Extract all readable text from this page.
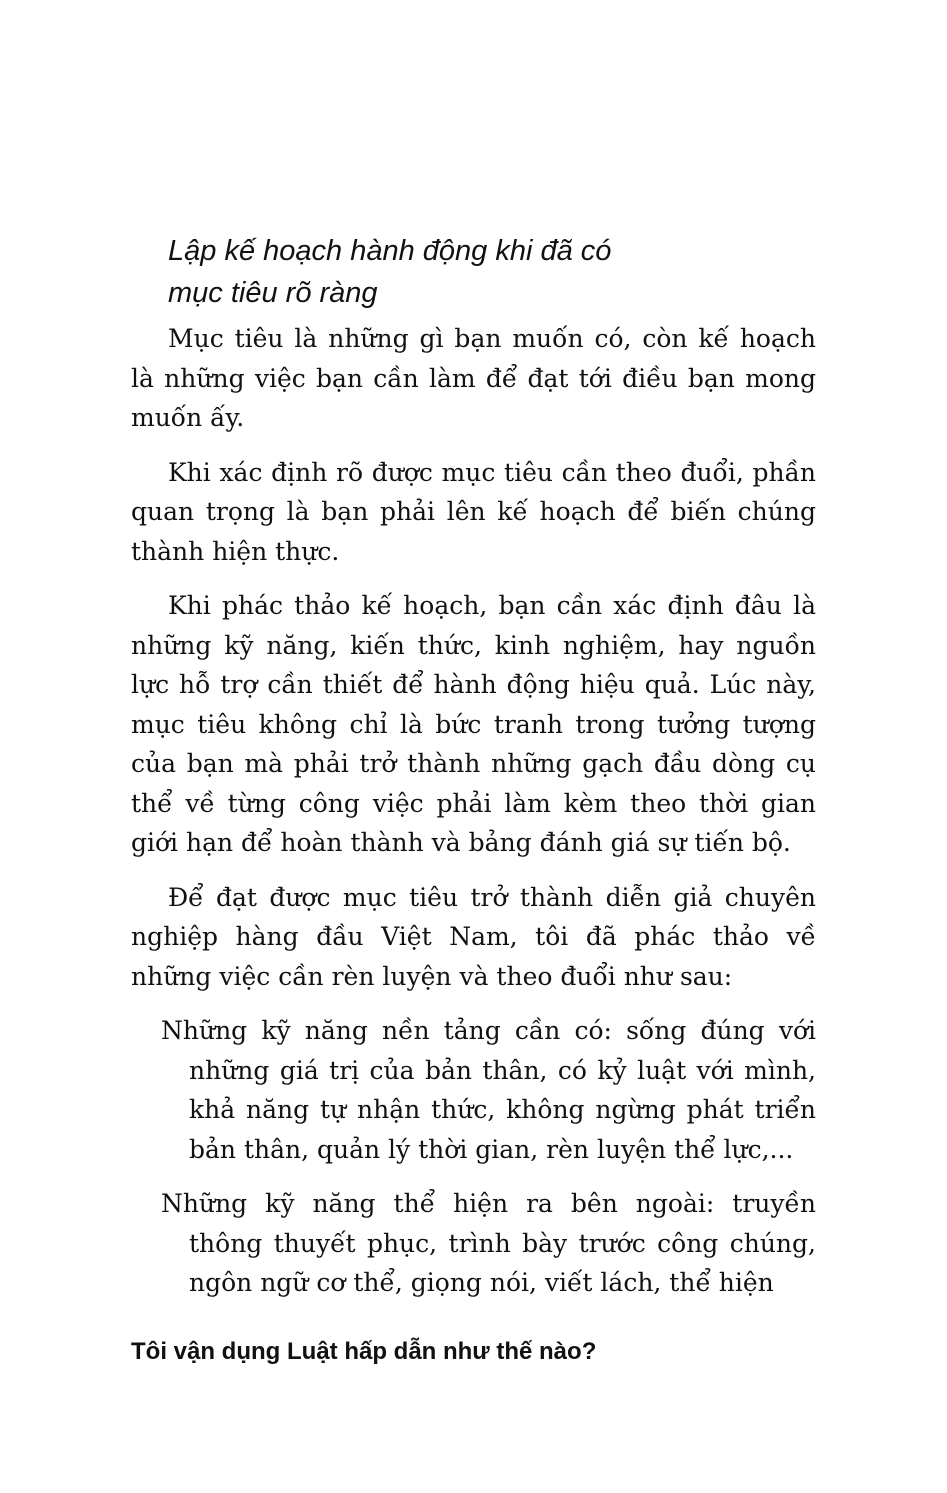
Lập kế hoạch hành động khi đã có
mục tiêu rõ ràng

Mục tiêu là những gì bạn muốn có, còn kế hoạch là những việc bạn cần làm để đạt tới điều bạn mong muốn ấy.

Khi xác định rõ được mục tiêu cần theo đuổi, phần quan trọng là bạn phải lên kế hoạch để biến chúng thành hiện thực.

Khi phác thảo kế hoạch, bạn cần xác định đâu là những kỹ năng, kiến thức, kinh nghiệm, hay nguồn lực hỗ trợ cần thiết để hành động hiệu quả. Lúc này, mục tiêu không chỉ là bức tranh trong tưởng tượng của bạn mà phải trở thành những gạch đầu dòng cụ thể về từng công việc phải làm kèm theo thời gian giới hạn để hoàn thành và bảng đánh giá sự tiến bộ.

Để đạt được mục tiêu trở thành diễn giả chuyên nghiệp hàng đầu Việt Nam, tôi đã phác thảo về những việc cần rèn luyện và theo đuổi như sau:

Những kỹ năng nền tảng cần có: sống đúng với những giá trị của bản thân, có kỷ luật với mình, khả năng tự nhận thức, không ngừng phát triển bản thân, quản lý thời gian, rèn luyện thể lực,...

Những kỹ năng thể hiện ra bên ngoài: truyền thông thuyết phục, trình bày trước công chúng, ngôn ngữ cơ thể, giọng nói, viết lách, thể hiện

Tôi vận dụng Luật hấp dẫn như thế nào?
